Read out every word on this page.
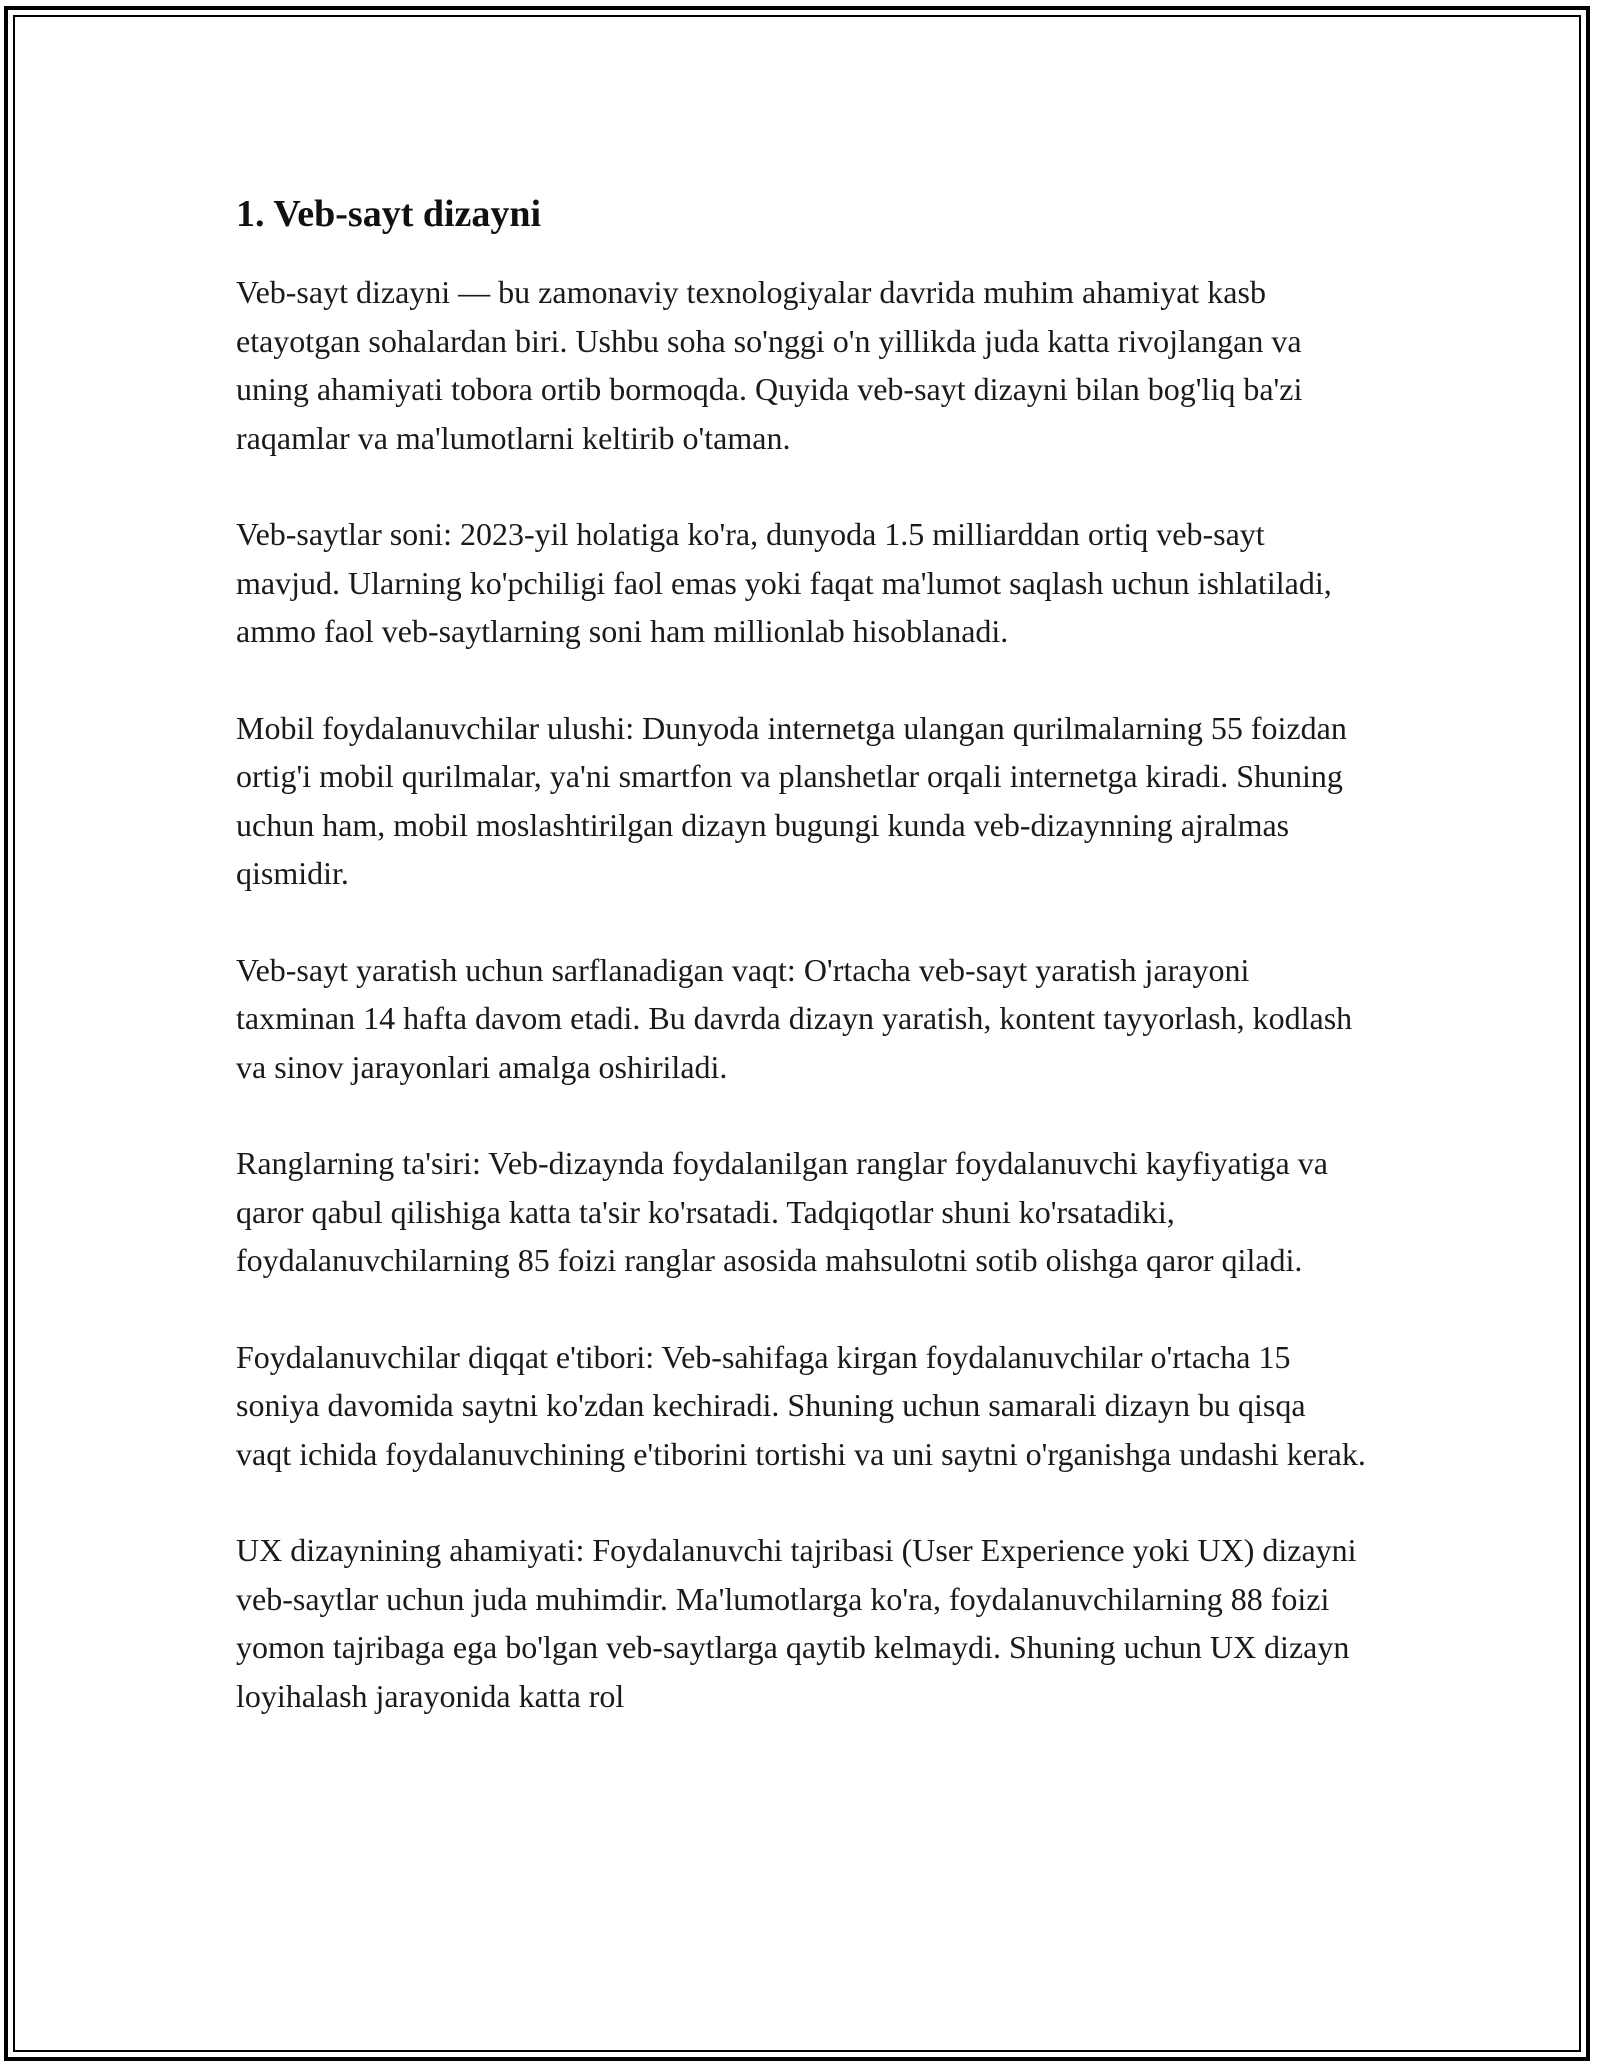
1. Veb-sayt dizayni

Veb-sayt dizayni — bu zamonaviy texnologiyalar davrida muhim ahamiyat kasb etayotgan sohalardan biri. Ushbu soha so'nggi o'n yillikda juda katta rivojlangan va uning ahamiyati tobora ortib bormoqda. Quyida veb-sayt dizayni bilan bog'liq ba'zi raqamlar va ma'lumotlarni keltirib o'taman.

Veb-saytlar soni: 2023-yil holatiga ko'ra, dunyoda 1.5 milliarddan ortiq veb-sayt mavjud. Ularning ko'pchiligi faol emas yoki faqat ma'lumot saqlash uchun ishlatiladi, ammo faol veb-saytlarning soni ham millionlab hisoblanadi.

Mobil foydalanuvchilar ulushi: Dunyoda internetga ulangan qurilmalarning 55 foizdan ortig'i mobil qurilmalar, ya'ni smartfon va planshetlar orqali internetga kiradi. Shuning uchun ham, mobil moslashtirilgan dizayn bugungi kunda veb-dizaynning ajralmas qismidir.

Veb-sayt yaratish uchun sarflanadigan vaqt: O'rtacha veb-sayt yaratish jarayoni taxminan 14 hafta davom etadi. Bu davrda dizayn yaratish, kontent tayyorlash, kodlash va sinov jarayonlari amalga oshiriladi.

Ranglarning ta'siri: Veb-dizaynda foydalanilgan ranglar foydalanuvchi kayfiyatiga va qaror qabul qilishiga katta ta'sir ko'rsatadi. Tadqiqotlar shuni ko'rsatadiki, foydalanuvchilarning 85 foizi ranglar asosida mahsulotni sotib olishga qaror qiladi.

Foydalanuvchilar diqqat e'tibori: Veb-sahifaga kirgan foydalanuvchilar o'rtacha 15 soniya davomida saytni ko'zdan kechiradi. Shuning uchun samarali dizayn bu qisqa vaqt ichida foydalanuvchining e'tiborini tortishi va uni saytni o'rganishga undashi kerak.

UX dizaynining ahamiyati: Foydalanuvchi tajribasi (User Experience yoki UX) dizayni veb-saytlar uchun juda muhimdir. Ma'lumotlarga ko'ra, foydalanuvchilarning 88 foizi yomon tajribaga ega bo'lgan veb-saytlarga qaytib kelmaydi. Shuning uchun UX dizayn loyihalash jarayonida katta rol
